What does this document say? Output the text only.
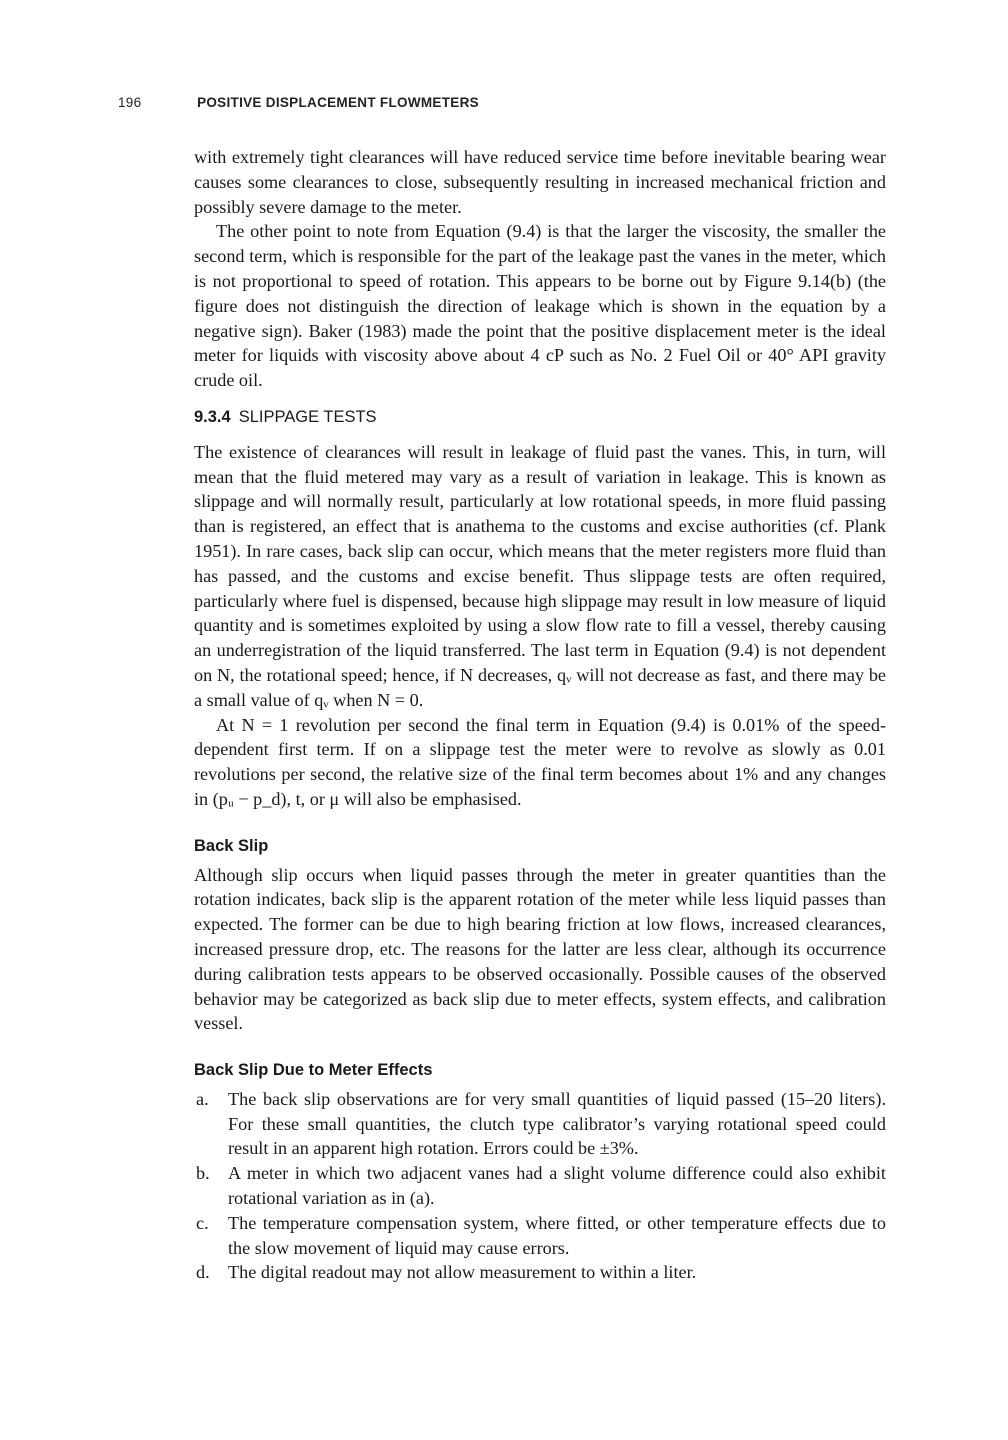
196	POSITIVE DISPLACEMENT FLOWMETERS

with extremely tight clearances will have reduced service time before inevitable bearing wear causes some clearances to close, subsequently resulting in increased mechanical friction and possibly severe damage to the meter.

The other point to note from Equation (9.4) is that the larger the viscosity, the smaller the second term, which is responsible for the part of the leakage past the vanes in the meter, which is not proportional to speed of rotation. This appears to be borne out by Figure 9.14(b) (the figure does not distinguish the direction of leakage which is shown in the equation by a negative sign). Baker (1983) made the point that the positive displacement meter is the ideal meter for liquids with viscosity above about 4 cP such as No. 2 Fuel Oil or 40° API gravity crude oil.

9.3.4 SLIPPAGE TESTS

The existence of clearances will result in leakage of fluid past the vanes. This, in turn, will mean that the fluid metered may vary as a result of variation in leakage. This is known as slippage and will normally result, particularly at low rotational speeds, in more fluid passing than is registered, an effect that is anathema to the customs and excise authorities (cf. Plank 1951). In rare cases, back slip can occur, which means that the meter registers more fluid than has passed, and the customs and excise benefit. Thus slippage tests are often required, particularly where fuel is dispensed, because high slippage may result in low measure of liquid quantity and is sometimes exploited by using a slow flow rate to fill a vessel, thereby causing an underregistration of the liquid transferred. The last term in Equation (9.4) is not dependent on N, the rotational speed; hence, if N decreases, qᵥ will not decrease as fast, and there may be a small value of qᵥ when N = 0.

At N = 1 revolution per second the final term in Equation (9.4) is 0.01% of the speed-dependent first term. If on a slippage test the meter were to revolve as slowly as 0.01 revolutions per second, the relative size of the final term becomes about 1% and any changes in (pᵤ − p_d), t, or μ will also be emphasised.

Back Slip

Although slip occurs when liquid passes through the meter in greater quantities than the rotation indicates, back slip is the apparent rotation of the meter while less liquid passes than expected. The former can be due to high bearing friction at low flows, increased clearances, increased pressure drop, etc. The reasons for the latter are less clear, although its occurrence during calibration tests appears to be observed occasionally. Possible causes of the observed behavior may be categorized as back slip due to meter effects, system effects, and calibration vessel.

Back Slip Due to Meter Effects
a. The back slip observations are for very small quantities of liquid passed (15–20 liters). For these small quantities, the clutch type calibrator’s varying rotational speed could result in an apparent high rotation. Errors could be ±3%.
b. A meter in which two adjacent vanes had a slight volume difference could also exhibit rotational variation as in (a).
c. The temperature compensation system, where fitted, or other temperature effects due to the slow movement of liquid may cause errors.
d. The digital readout may not allow measurement to within a liter.
